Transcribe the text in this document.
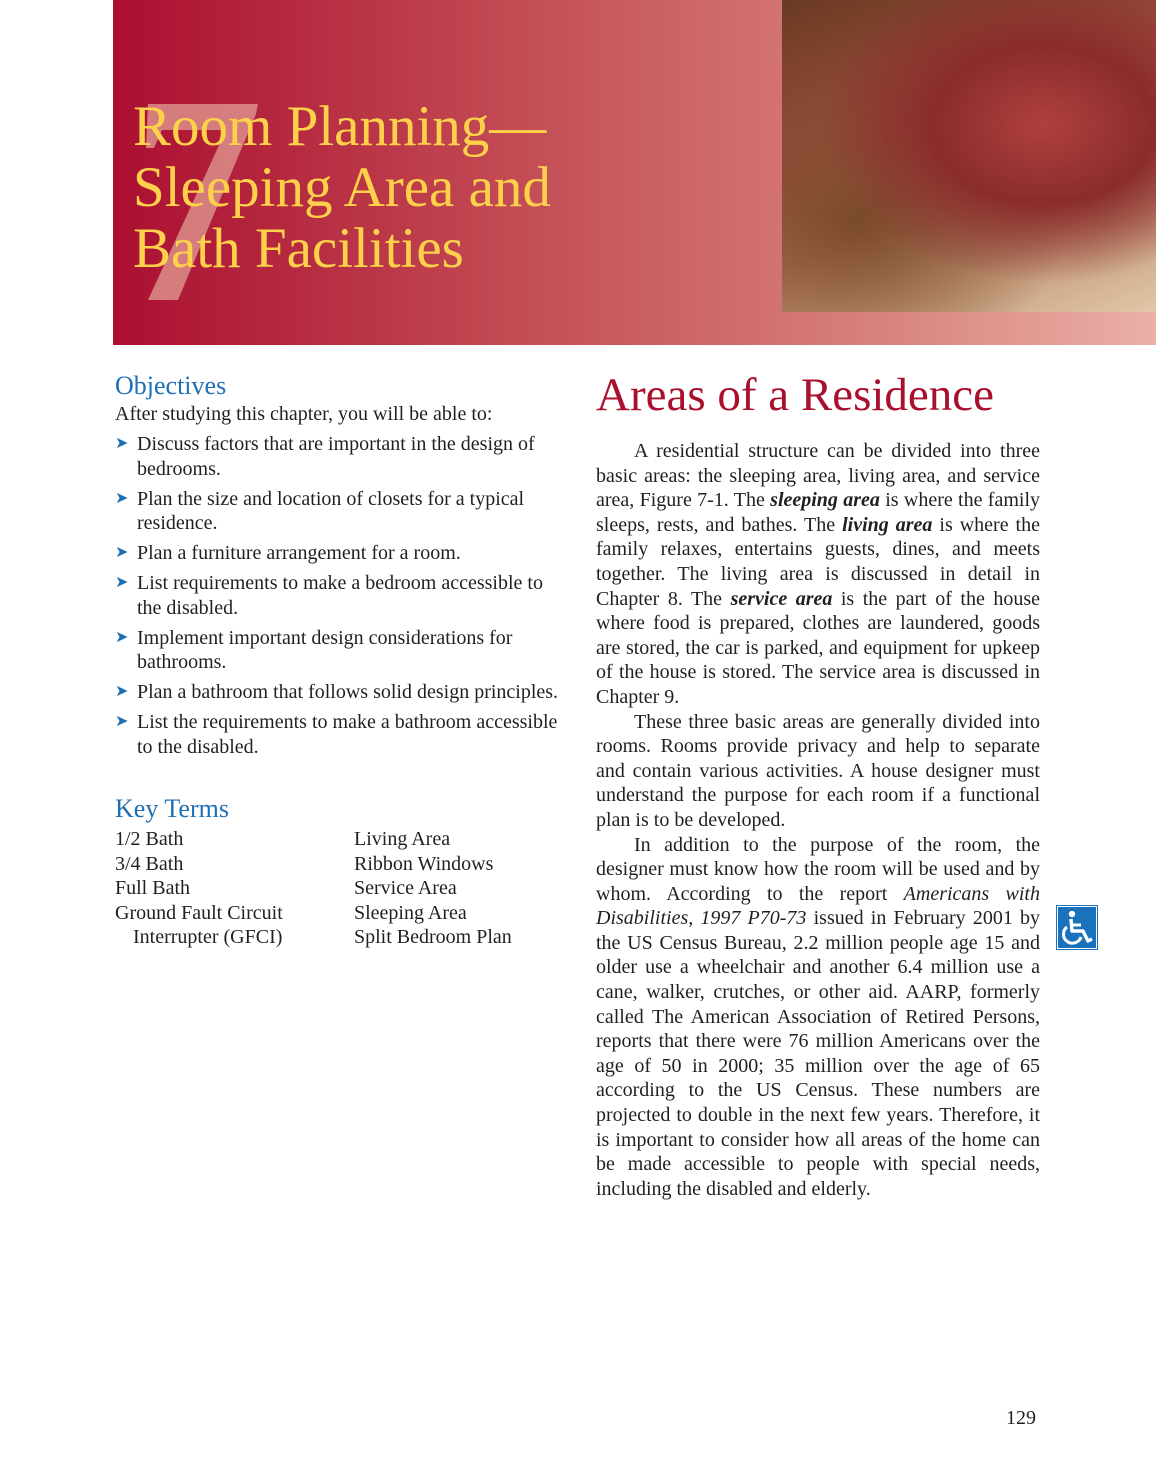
Room Planning—
Sleeping Area and
Bath Facilities
Objectives
After studying this chapter, you will be able to:
➤ Discuss factors that are important in the design of bedrooms.
➤ Plan the size and location of closets for a typical residence.
➤ Plan a furniture arrangement for a room.
➤ List requirements to make a bedroom accessible to the disabled.
➤ Implement important design considerations for bathrooms.
➤ Plan a bathroom that follows solid design principles.
➤ List the requirements to make a bathroom accessible to the disabled.
Key Terms
1/2 Bath	Living Area
3/4 Bath	Ribbon Windows
Full Bath	Service Area
Ground Fault Circuit	Sleeping Area
Interrupter (GFCI)	Split Bedroom Plan
Areas of a Residence

A residential structure can be divided into three basic areas: the sleeping area, living area, and service area, Figure 7-1. The sleeping area is where the family sleeps, rests, and bathes. The living area is where the family relaxes, entertains guests, dines, and meets together. The living area is discussed in detail in Chapter 8. The service area is the part of the house where food is prepared, clothes are laundered, goods are stored, the car is parked, and equipment for upkeep of the house is stored. The service area is discussed in Chapter 9.

These three basic areas are generally divided into rooms. Rooms provide privacy and help to separate and contain various activities. A house designer must understand the purpose for each room if a functional plan is to be developed.

In addition to the purpose of the room, the designer must know how the room will be used and by whom. According to the report Americans with Disabilities, 1997 P70-73 issued in February 2001 by the US Census Bureau, 2.2 million people age 15 and older use a wheelchair and another 6.4 million use a cane, walker, crutches, or other aid. AARP, formerly called The American Association of Retired Persons, reports that there were 76 million Americans over the age of 50 in 2000; 35 million over the age of 65 according to the US Census. These numbers are projected to double in the next few years. Therefore, it is important to consider how all areas of the home can be made accessible to people with special needs, including the disabled and elderly.

129
